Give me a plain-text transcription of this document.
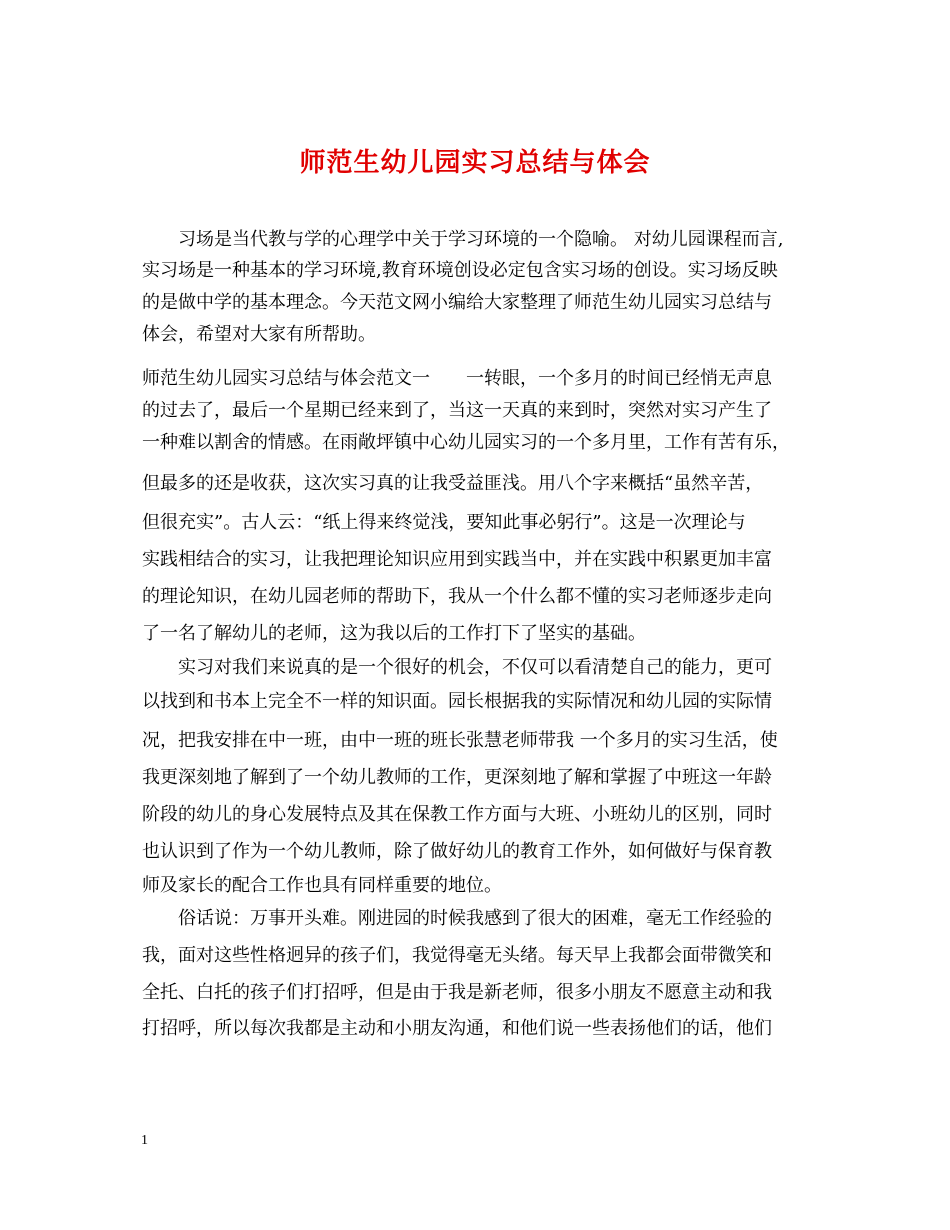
师范生幼儿园实习总结与体会
　　习场是当代教与学的心理学中关于学习环境的一个隐喻。 对幼儿园课程而言,
实习场是一种基本的学习环境,教育环境创设必定包含实习场的创设。实习场反映
的是做中学的基本理念。今天范文网小编给大家整理了师范生幼儿园实习总结与
体会，希望对大家有所帮助。
师范生幼儿园实习总结与体会范文一　　一转眼，一个多月的时间已经悄无声息
的过去了，最后一个星期已经来到了，当这一天真的来到时，突然对实习产生了
一种难以割舍的情感。在雨敞坪镇中心幼儿园实习的一个多月里，工作有苦有乐，
但最多的还是收获，这次实习真的让我受益匪浅。用八个字来概括“虽然辛苦，
但很充实”。古人云：“纸上得来终觉浅，要知此事必躬行”。这是一次理论与
实践相结合的实习，让我把理论知识应用到实践当中，并在实践中积累更加丰富
的理论知识，在幼儿园老师的帮助下，我从一个什么都不懂的实习老师逐步走向
了一名了解幼儿的老师，这为我以后的工作打下了坚实的基础。
　　实习对我们来说真的是一个很好的机会，不仅可以看清楚自己的能力，更可
以找到和书本上完全不一样的知识面。园长根据我的实际情况和幼儿园的实际情
况，把我安排在中一班，由中一班的班长张慧老师带我 一个多月的实习生活，使
我更深刻地了解到了一个幼儿教师的工作，更深刻地了解和掌握了中班这一年龄
阶段的幼儿的身心发展特点及其在保教工作方面与大班、小班幼儿的区别，同时
也认识到了作为一个幼儿教师，除了做好幼儿的教育工作外，如何做好与保育教
师及家长的配合工作也具有同样重要的地位。
　　俗话说：万事开头难。刚进园的时候我感到了很大的困难，毫无工作经验的
我，面对这些性格迥异的孩子们，我觉得毫无头绪。每天早上我都会面带微笑和
全托、白托的孩子们打招呼，但是由于我是新老师，很多小朋友不愿意主动和我
打招呼，所以每次我都是主动和小朋友沟通，和他们说一些表扬他们的话，他们
1
